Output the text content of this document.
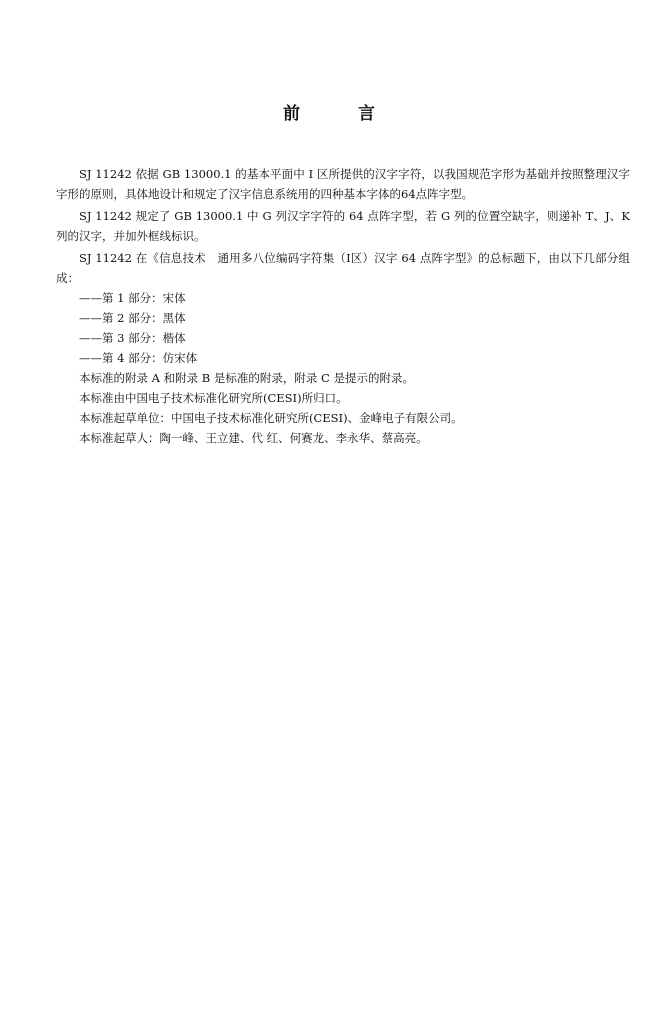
前言

SJ 11242 依据 GB 13000.1 的基本平面中 I 区所提供的汉字字符，以我国规范字形为基础并按照整理汉字字形的原则，具体地设计和规定了汉字信息系统用的四种基本字体的64点阵字型。

SJ 11242 规定了 GB 13000.1 中 G 列汉字字符的 64 点阵字型，若 G 列的位置空缺字，则递补 T、J、K 列的汉字，并加外框线标识。

SJ 11242 在《信息技术　通用多八位编码字符集（I区）汉字 64 点阵字型》的总标题下，由以下几部分组成：

——第 1 部分：宋体

——第 2 部分：黑体

——第 3 部分：楷体

——第 4 部分：仿宋体

本标准的附录 A 和附录 B 是标准的附录，附录 C 是提示的附录。

本标准由中国电子技术标准化研究所(CESI)所归口。

本标准起草单位：中国电子技术标准化研究所(CESI)、金峰电子有限公司。

本标准起草人：陶一峰、王立建、代 红、何赛龙、李永华、蔡高亮。
